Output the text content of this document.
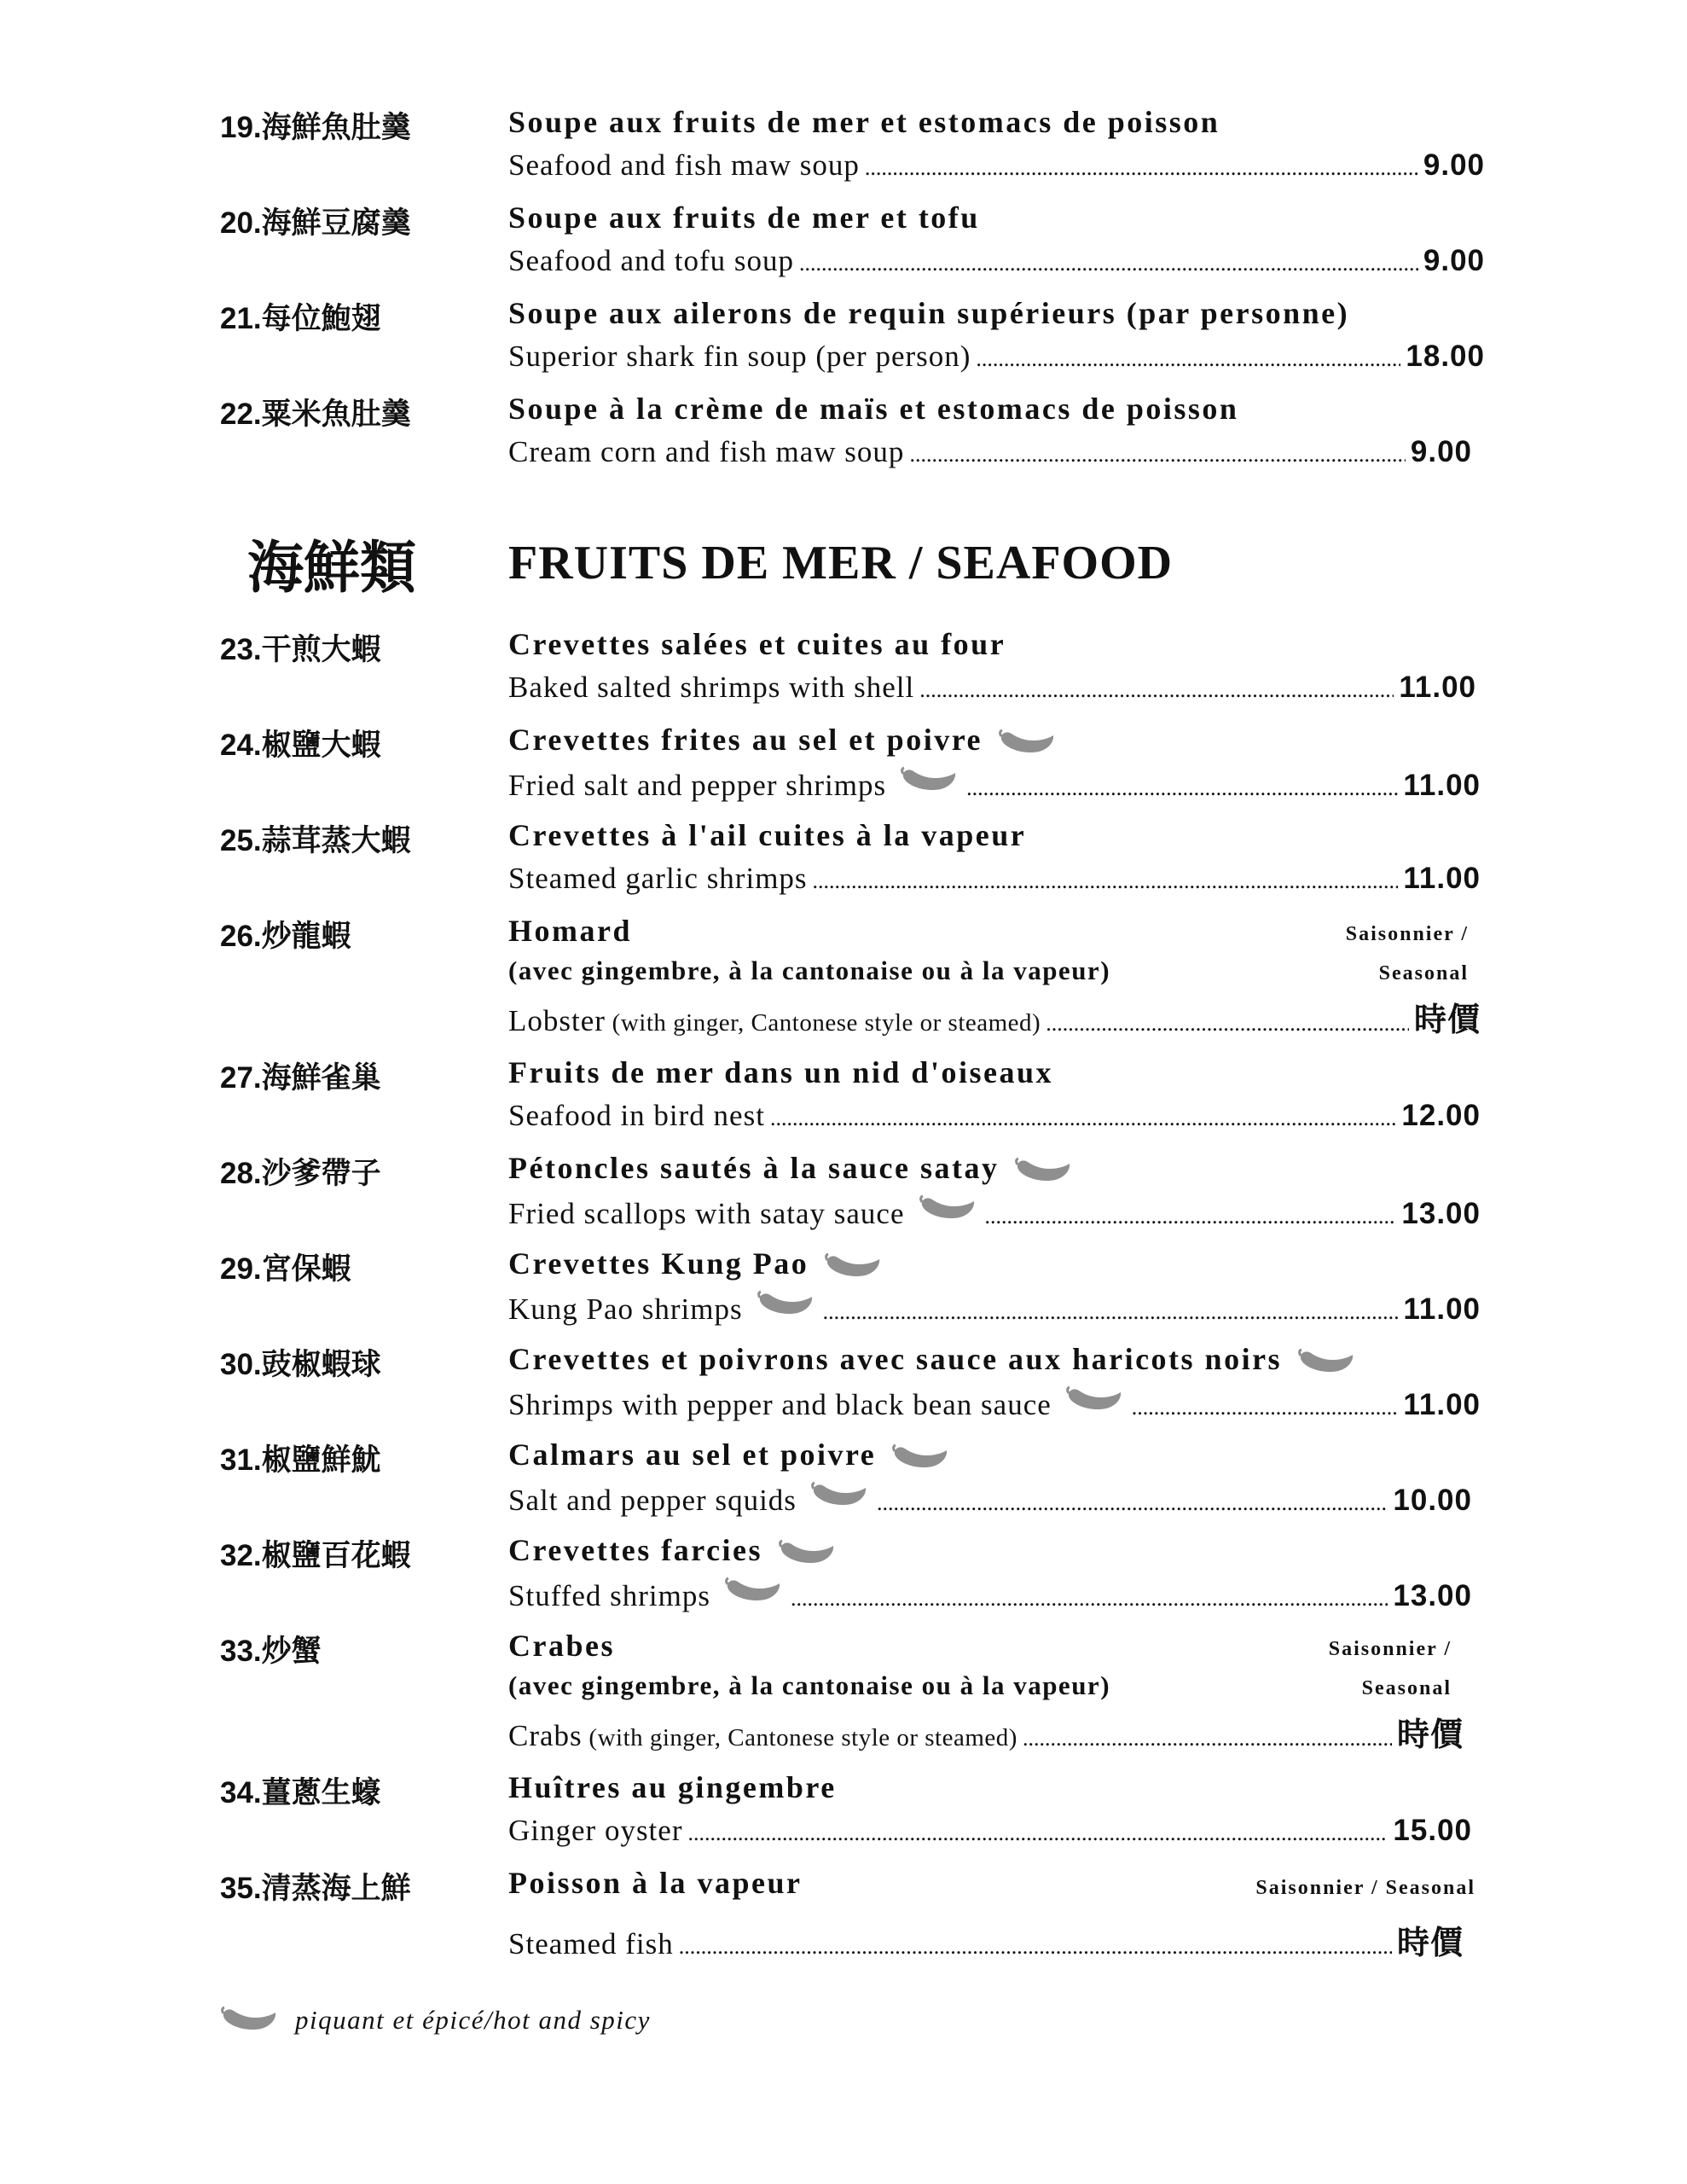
19.海鮮魚肚羹	Soupe aux fruits de mer et estomacs de poisson
Seafood and fish maw soup .....	9.00
20.海鮮豆腐羹	Soupe aux fruits de mer et tofu
Seafood and tofu soup .....	9.00
21.每位鮑翅	Soupe aux ailerons de requin supérieurs (par personne)
Superior shark fin soup (per person) .....	18.00
22.粟米魚肚羹	Soupe à la crème de maïs et estomacs de poisson
Cream corn and fish maw soup .....	9.00
海鮮類 FRUITS DE MER / SEAFOOD
23.干煎大蝦	Crevettes salées et cuites au four
Baked salted shrimps with shell .....	11.00
24.椒鹽大蝦	Crevettes frites au sel et poivre
Fried salt and pepper shrimps .....	11.00
25.蒜茸蒸大蝦	Crevettes à l'ail cuites à la vapeur
Steamed garlic shrimps .....	11.00
26.炒龍蝦	Homard	Saisonnier /
(avec gingembre, à la cantonaise ou à la vapeur)	Seasonal
Lobster (with ginger, Cantonese style or steamed) .....	時價
27.海鮮雀巢	Fruits de mer dans un nid d'oiseaux
Seafood in bird nest .....	12.00
28.沙爹帶子	Pétoncles sautés à la sauce satay
Fried scallops with satay sauce .....	13.00
29.宮保蝦	Crevettes Kung Pao
Kung Pao shrimps .....	11.00
30.豉椒蝦球	Crevettes et poivrons avec sauce aux haricots noirs
Shrimps with pepper and black bean sauce .....	11.00
31.椒鹽鮮魷	Calmars au sel et poivre
Salt and pepper squids .....	10.00
32.椒鹽百花蝦	Crevettes farcies
Stuffed shrimps .....	13.00
33.炒蟹	Crabes	Saisonnier /
(avec gingembre, à la cantonaise ou à la vapeur)	Seasonal
Crabs (with ginger, Cantonese style or steamed) .....	時價
34.薑蔥生蠔	Huîtres au gingembre
Ginger oyster .....	15.00
35.清蒸海上鮮	Poisson à la vapeur	Saisonnier / Seasonal
Steamed fish .....	時價
piquant et épicé/hot and spicy
